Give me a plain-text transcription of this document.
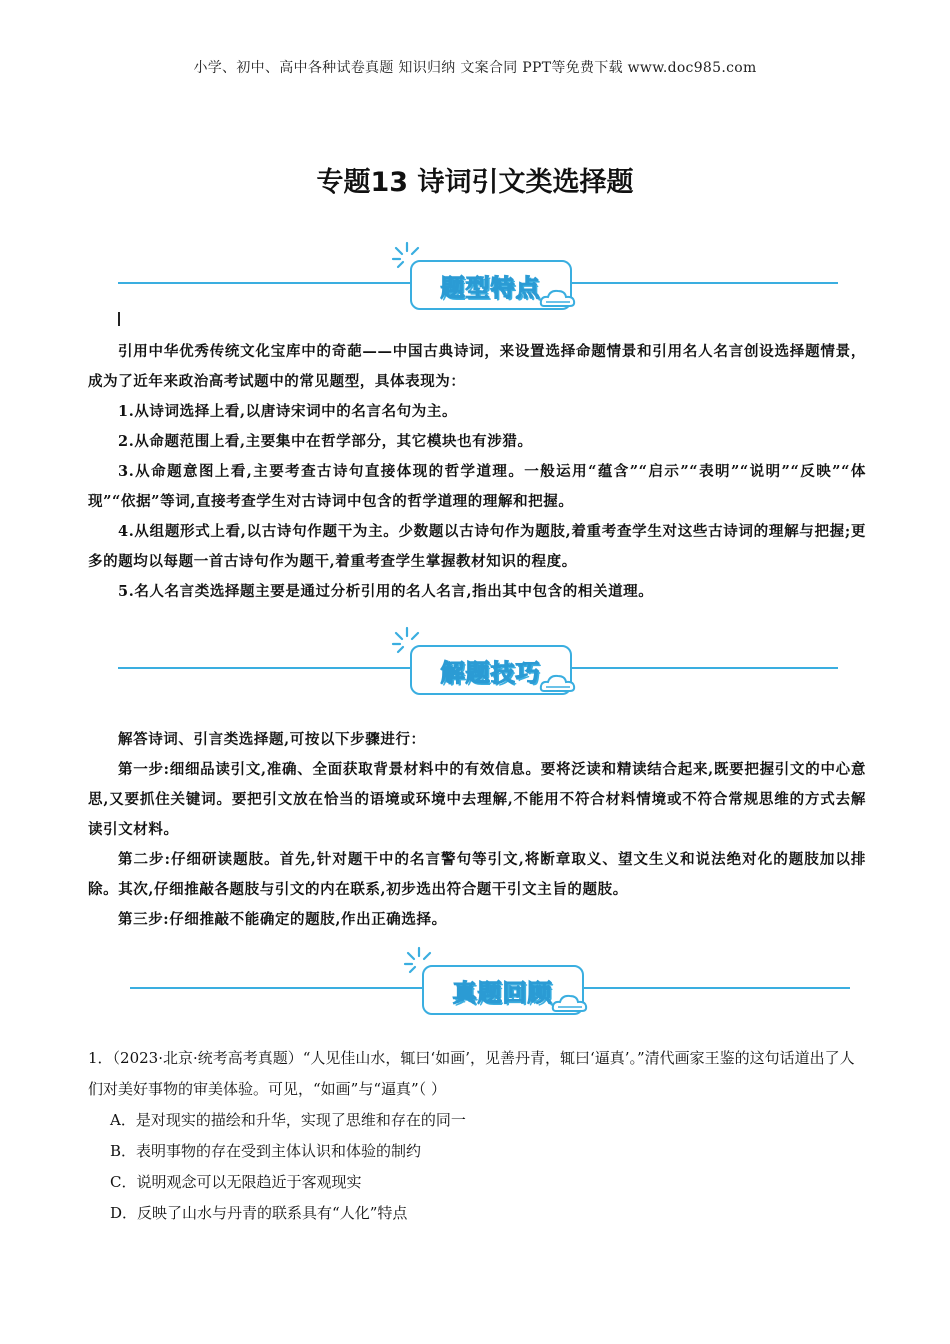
小学、初中、高中各种试卷真题 知识归纳 文案合同 PPT等免费下载 www.doc985.com
专题13 诗词引文类选择题
题型特点

引用中华优秀传统文化宝库中的奇葩——中国古典诗词，来设置选择命题情景和引用名人名言创设选择题情景，成为了近年来政治高考试题中的常见题型，具体表现为：

1.从诗词选择上看,以唐诗宋词中的名言名句为主。

2.从命题范围上看,主要集中在哲学部分，其它模块也有涉猎。

3.从命题意图上看,主要考查古诗句直接体现的哲学道理。一般运用“蕴含”“启示”“表明”“说明”“反映”“体现”“依据”等词,直接考查学生对古诗词中包含的哲学道理的理解和把握。

4.从组题形式上看,以古诗句作题干为主。少数题以古诗句作为题肢,着重考查学生对这些古诗词的理解与把握;更多的题均以每题一首古诗句作为题干,着重考查学生掌握教材知识的程度。

5.名人名言类选择题主要是通过分析引用的名人名言,指出其中包含的相关道理。

解题技巧

解答诗词、引言类选择题,可按以下步骤进行：

第一步:细细品读引文,准确、全面获取背景材料中的有效信息。要将泛读和精读结合起来,既要把握引文的中心意思,又要抓住关键词。要把引文放在恰当的语境或环境中去理解,不能用不符合材料情境或不符合常规思维的方式去解读引文材料。

第二步:仔细研读题肢。首先,针对题干中的名言警句等引文,将断章取义、望文生义和说法绝对化的题肢加以排除。其次,仔细推敲各题肢与引文的内在联系,初步选出符合题干引文主旨的题肢。

第三步:仔细推敲不能确定的题肢,作出正确选择。

真题回顾

1．（2023·北京·统考高考真题）“人见佳山水，辄曰‘如画’，见善丹青，辄曰‘逼真’。”清代画家王鉴的这句话道出了人们对美好事物的审美体验。可见，“如画”与“逼真”（ ）

A．是对现实的描绘和升华，实现了思维和存在的同一

B．表明事物的存在受到主体认识和体验的制约

C．说明观念可以无限趋近于客观现实

D．反映了山水与丹青的联系具有“人化”特点
